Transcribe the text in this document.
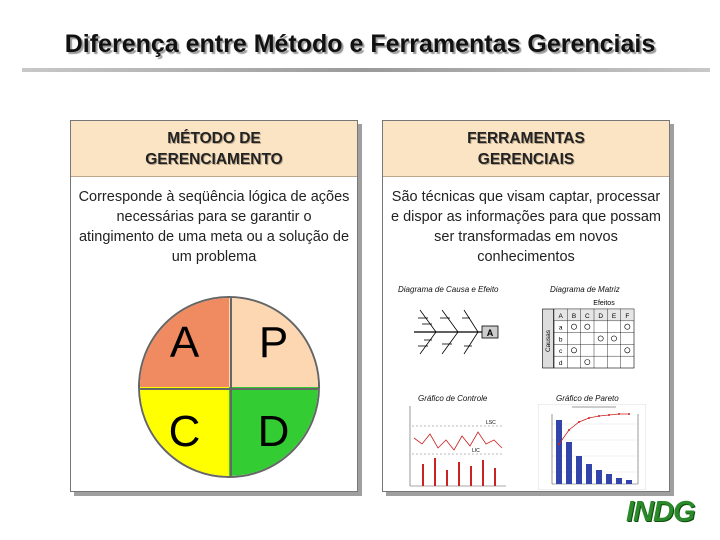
Diferença entre Método e Ferramentas Gerenciais
MÉTODO DE
GERENCIAMENTO
Corresponde à seqüência lógica de ações necessárias para se garantir o atingimento de uma meta ou a solução de um problema
A P
C D
FERRAMENTAS
GERENCIAIS
São técnicas que visam captar, processar e dispor as informações para que possam ser transformadas em novos conhecimentos
Diagrama de Causa e Efeito	Diagrama de Matriz
Gráfico de Controle	Gráfico de Pareto
A	Causas
Efeitos
A B C D E F
a
b
c
d
LSC
LIC
INDG
